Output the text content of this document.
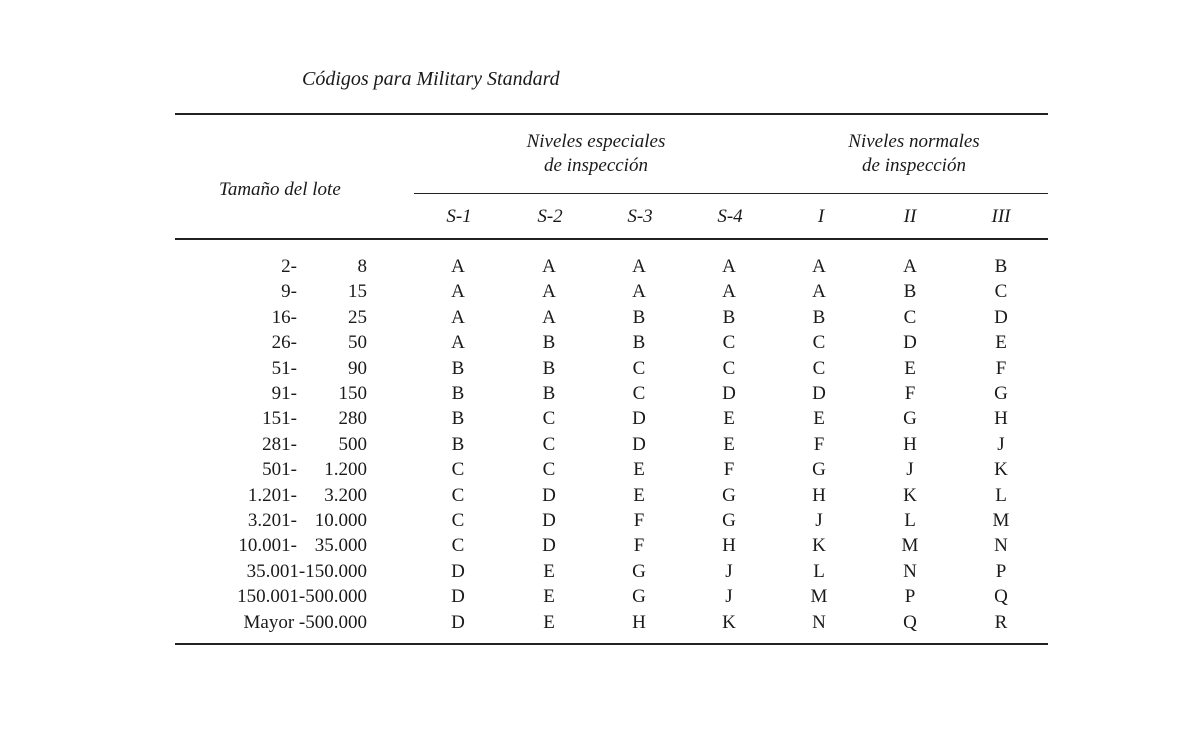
Códigos para Military Standard
Niveles especiales
de inspección
Niveles normales
de inspección
Tamaño del lote
S-1	S-2	S-3	S-4	I	II	III
2-	8	A	A	A	A	A	A	B
9-	15	A	A	A	A	A	B	C
16-	25	A	A	B	B	B	C	D
26-	50	A	B	B	C	C	D	E
51-	90	B	B	C	C	C	E	F
91- 150	B	B	C	D	D	F	G
151- 280	B	C	D	E	E	G	H
281- 500	B	C	D	E	F	H	J
501- 1.200	C	C	E	F	G	J	K
1.201- 3.200	C	D	E	G	H	K	L
3.201- 10.000	C	D	F	G	J	L	M
10.001- 35.000	C	D	F	H	K	M	N
35.001-150.000	D	E	G	J	L	N	P
150.001-500.000	D	E	G	J	M	P	Q
Mayor -500.000	D	E	H	K	N	Q	R
